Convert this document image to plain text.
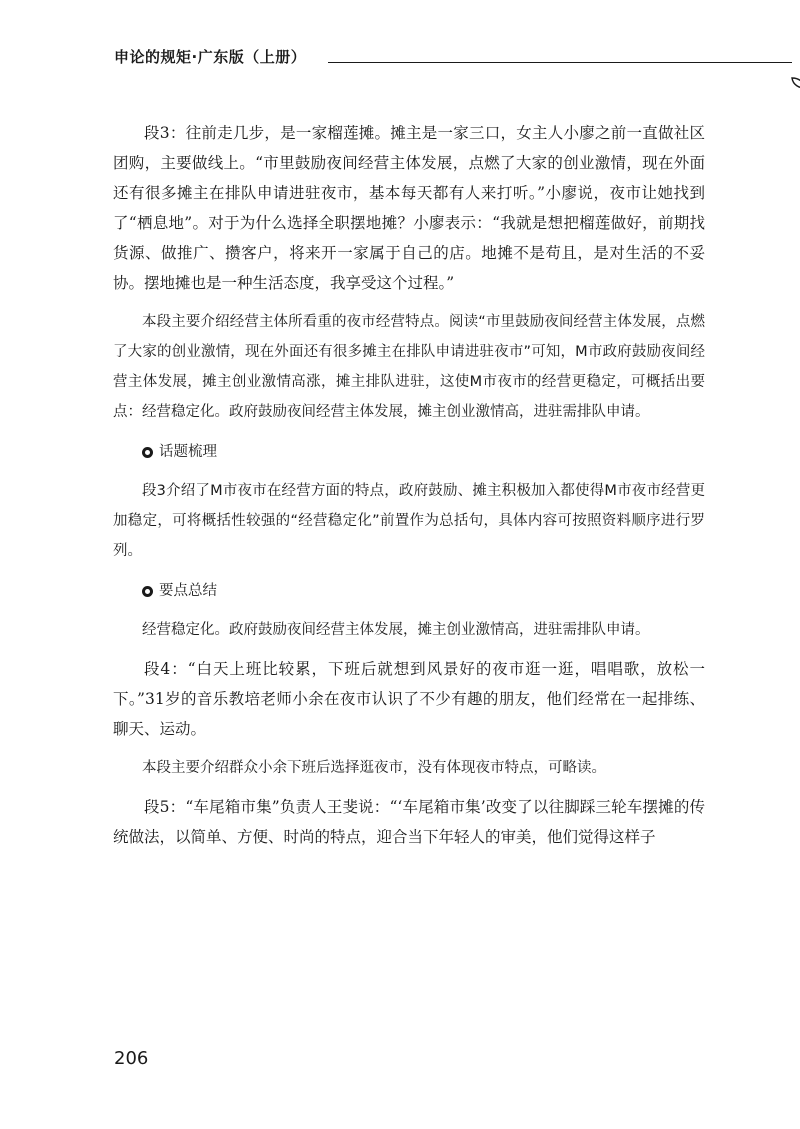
申论的规矩·广东版（上册）

段3：往前走几步，是一家榴莲摊。摊主是一家三口，女主人小廖之前一直做社区团购，主要做线上。“市里鼓励夜间经营主体发展，点燃了大家的创业激情，现在外面还有很多摊主在排队申请进驻夜市，基本每天都有人来打听。”小廖说，夜市让她找到了“栖息地”。对于为什么选择全职摆地摊？小廖表示：“我就是想把榴莲做好，前期找货源、做推广、攒客户，将来开一家属于自己的店。地摊不是苟且，是对生活的不妥协。摆地摊也是一种生活态度，我享受这个过程。”

本段主要介绍经营主体所看重的夜市经营特点。阅读“市里鼓励夜间经营主体发展，点燃了大家的创业激情，现在外面还有很多摊主在排队申请进驻夜市”可知，M市政府鼓励夜间经营主体发展，摊主创业激情高涨，摊主排队进驻，这使M市夜市的经营更稳定，可概括出要点：经营稳定化。政府鼓励夜间经营主体发展，摊主创业激情高，进驻需排队申请。

话题梳理

段3介绍了M市夜市在经营方面的特点，政府鼓励、摊主积极加入都使得M市夜市经营更加稳定，可将概括性较强的“经营稳定化”前置作为总括句，具体内容可按照资料顺序进行罗列。

要点总结

经营稳定化。政府鼓励夜间经营主体发展，摊主创业激情高，进驻需排队申请。

段4：“白天上班比较累，下班后就想到风景好的夜市逛一逛，唱唱歌，放松一下。”31岁的音乐教培老师小余在夜市认识了不少有趣的朋友，他们经常在一起排练、聊天、运动。

本段主要介绍群众小余下班后选择逛夜市，没有体现夜市特点，可略读。

段5：“车尾箱市集”负责人王斐说：“‘车尾箱市集’改变了以往脚踩三轮车摆摊的传统做法，以简单、方便、时尚的特点，迎合当下年轻人的审美，他们觉得这样子

206
